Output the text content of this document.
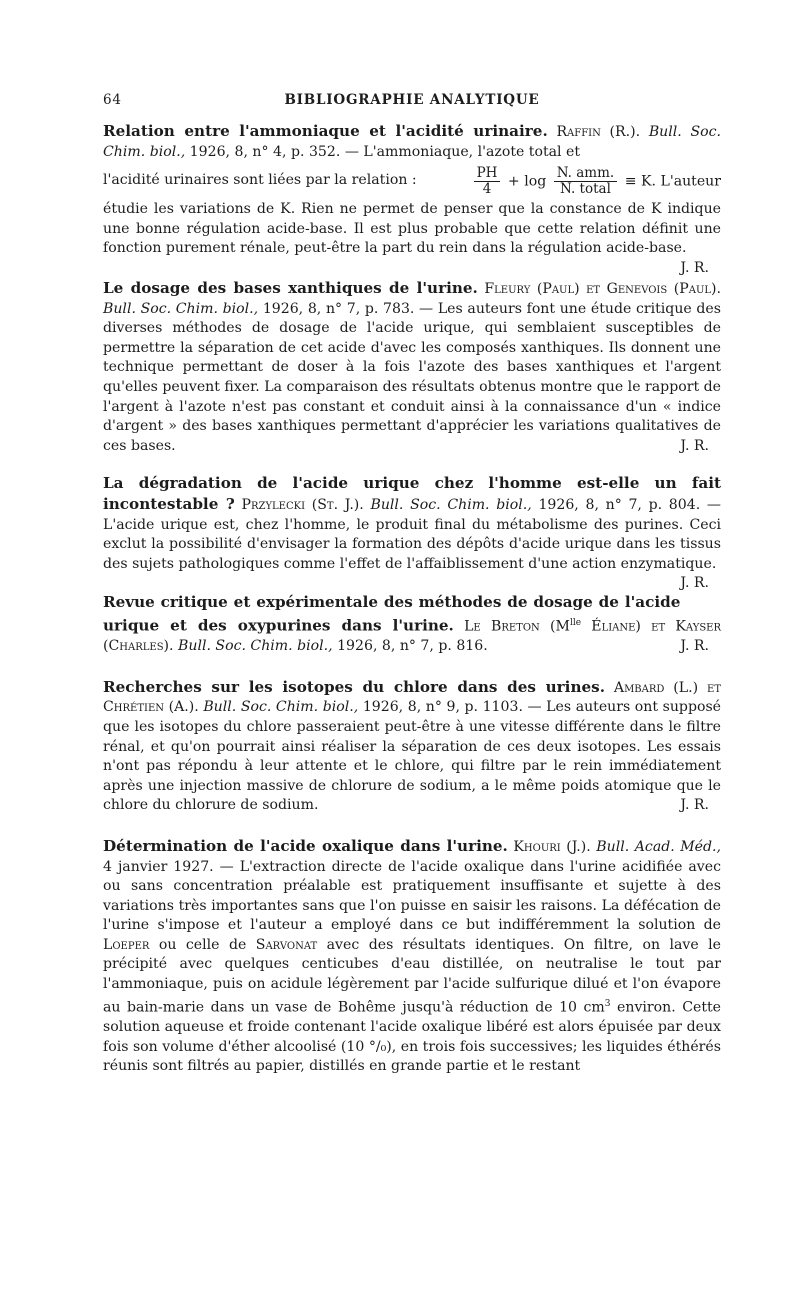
64	BIBLIOGRAPHIE ANALYTIQUE
Relation entre l'ammoniaque et l'acidité urinaire. Raffin (R.). Bull. Soc. Chim. biol., 1926, 8, n° 4, p. 352. — L'ammoniaque, l'azote total et
l'acidité urinaires sont liées par la relation :	$\frac{PH}{4} + \log \frac{\text{N. amm.}}{\text{N. total}} \equiv K$. L'auteur
étudie les variations de K. Rien ne permet de penser que la constance de K indique une bonne régulation acide-base. Il est plus probable que cette relation définit une fonction purement rénale, peut-être la part du rein dans la régulation acide-base.
J. R.
Le dosage des bases xanthiques de l'urine. Fleury (Paul) et Genevois (Paul). Bull. Soc. Chim. biol., 1926, 8, n° 7, p. 783. — Les auteurs font une étude critique des diverses méthodes de dosage de l'acide urique, qui semblaient susceptibles de permettre la séparation de cet acide d'avec les composés xanthiques. Ils donnent une technique permettant de doser à la fois l'azote des bases xanthiques et l'argent qu'elles peuvent fixer. La comparaison des résultats obtenus montre que le rapport de l'argent à l'azote n'est pas constant et conduit ainsi à la connaissance d'un « indice d'argent » des bases xanthiques permettant d'apprécier les variations qualitatives de ces bases.	J. R.
La dégradation de l'acide urique chez l'homme est-elle un fait incontestable ? Przylecki (St. J.). Bull. Soc. Chim. biol., 1926, 8, n° 7, p. 804. — L'acide urique est, chez l'homme, le produit final du métabolisme des purines. Ceci exclut la possibilité d'envisager la formation des dépôts d'acide urique dans les tissus des sujets pathologiques comme l'effet de l'affaiblissement d'une action enzymatique.
J. R.
Revue critique et expérimentale des méthodes de dosage de l'acide urique et des oxypurines dans l'urine. Le Breton ($M^{lle}$ Éliane) et Kayser (Charles). Bull. Soc. Chim. biol., 1926, 8, n° 7, p. 816.	J. R.
Recherches sur les isotopes du chlore dans des urines. Ambard (L.) et Chrétien (A.). Bull. Soc. Chim. biol., 1926, 8, n° 9, p. 1103. — Les auteurs ont supposé que les isotopes du chlore passeraient peut-être à une vitesse différente dans le filtre rénal, et qu'on pourrait ainsi réaliser la séparation de ces deux isotopes. Les essais n'ont pas répondu à leur attente et le chlore, qui filtre par le rein immédiatement après une injection massive de chlorure de sodium, a le même poids atomique que le chlore du chlorure de sodium.	J. R.
Détermination de l'acide oxalique dans l'urine. Khouri (J.). Bull. Acad. Méd., 4 janvier 1927. — L'extraction directe de l'acide oxalique dans l'urine acidifiée avec ou sans concentration préalable est pratiquement insuffisante et sujette à des variations très importantes sans que l'on puisse en saisir les raisons. La défécation de l'urine s'impose et l'auteur a employé dans ce but indifféremment la solution de Loeper ou celle de Sarvonat avec des résultats identiques. On filtre, on lave le précipité avec quelques centicubes d'eau distillée, on neutralise le tout par l'ammoniaque, puis on acidule légèrement par l'acide sulfurique dilué et l'on évapore au bain-marie dans un vase de Bohême jusqu'à réduction de 10 $cm^3$ environ. Cette solution aqueuse et froide contenant l'acide oxalique libéré est alors épuisée par deux fois son volume d'éther alcoolisé (10 °/₀), en trois fois successives; les liquides éthérés réunis sont filtrés au papier, distillés en grande partie et le restant
